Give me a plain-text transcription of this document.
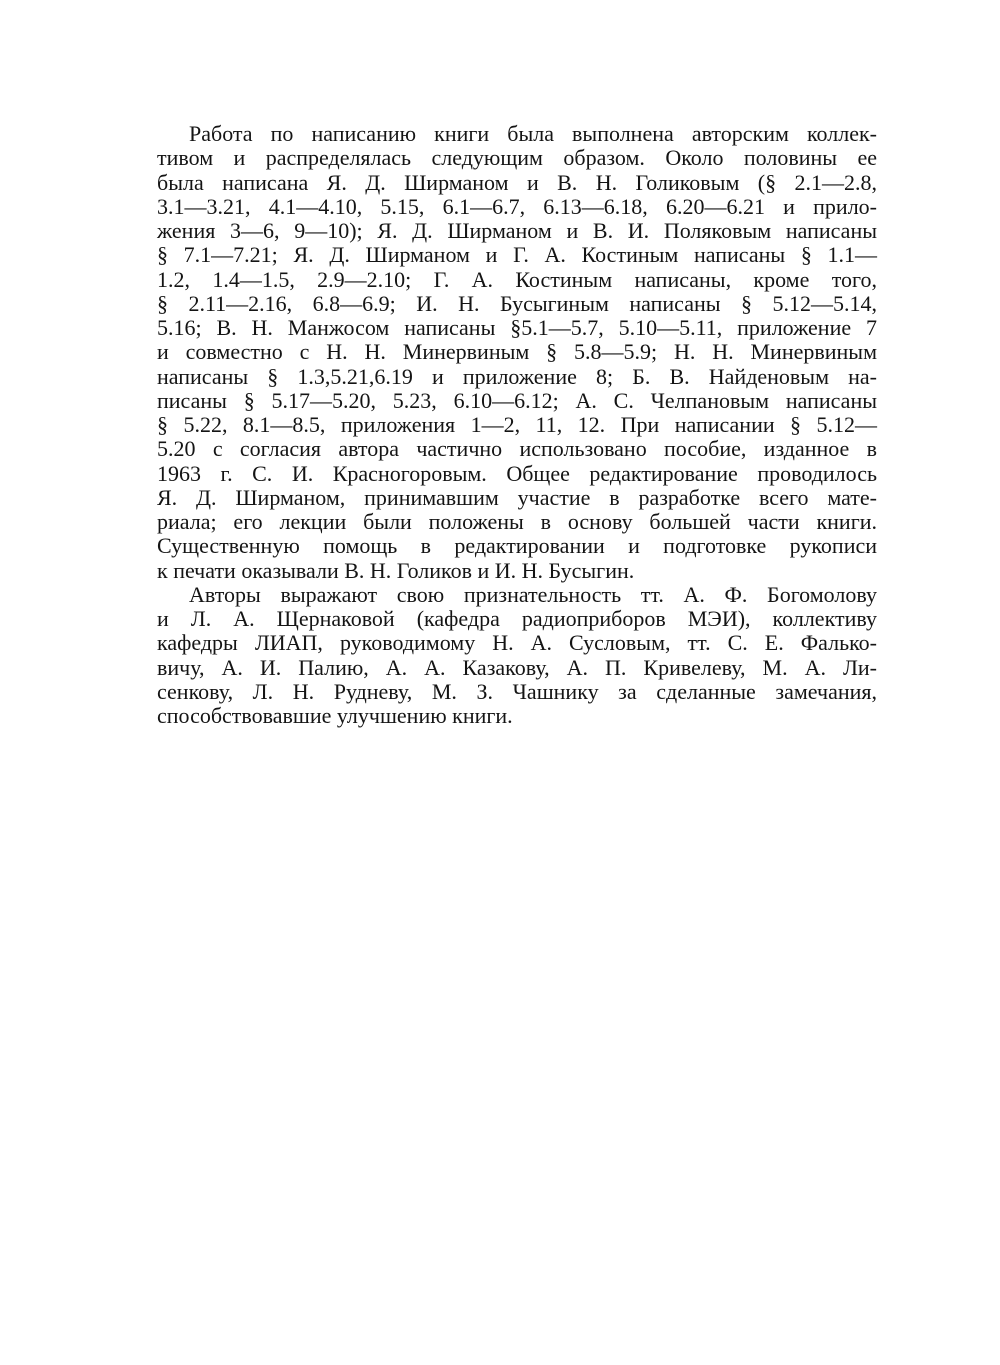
Работа по написанию книги была выполнена авторским коллек-
тивом и распределялась следующим образом. Около половины ее
была написана Я. Д. Ширманом и В. Н. Голиковым (§ 2.1—2.8,
3.1—3.21, 4.1—4.10, 5.15, 6.1—6.7, 6.13—6.18, 6.20—6.21 и прило-
жения 3—6, 9—10); Я. Д. Ширманом и В. И. Поляковым написаны
§ 7.1—7.21; Я. Д. Ширманом и Г. А. Костиным написаны § 1.1—
1.2, 1.4—1.5, 2.9—2.10; Г. А. Костиным написаны, кроме того,
§ 2.11—2.16, 6.8—6.9; И. Н. Бусыгиным написаны § 5.12—5.14,
5.16; В. Н. Манжосом написаны §5.1—5.7, 5.10—5.11, приложение 7
и совместно с Н. Н. Минервиным § 5.8—5.9; Н. Н. Минервиным
написаны § 1.3,5.21,6.19 и приложение 8; Б. В. Найденовым на-
писаны § 5.17—5.20, 5.23, 6.10—6.12; А. С. Челпановым написаны
§ 5.22, 8.1—8.5, приложения 1—2, 11, 12. При написании § 5.12—
5.20 с согласия автора частично использовано пособие, изданное в
1963 г. С. И. Красногоровым. Общее редактирование проводилось
Я. Д. Ширманом, принимавшим участие в разработке всего мате-
риала; его лекции были положены в основу большей части книги.
Существенную помощь в редактировании и подготовке рукописи
к печати оказывали В. Н. Голиков и И. Н. Бусыгин.
Авторы выражают свою признательность тт. А. Ф. Богомолову
и Л. А. Щернаковой (кафедра радиоприборов МЭИ), коллективу
кафедры ЛИАП, руководимому Н. А. Сусловым, тт. С. Е. Фалько-
вичу, А. И. Палию, А. А. Казакову, А. П. Кривелеву, М. А. Ли-
сенкову, Л. Н. Рудневу, М. З. Чашнику за сделанные замечания,
способствовавшие улучшению книги.
